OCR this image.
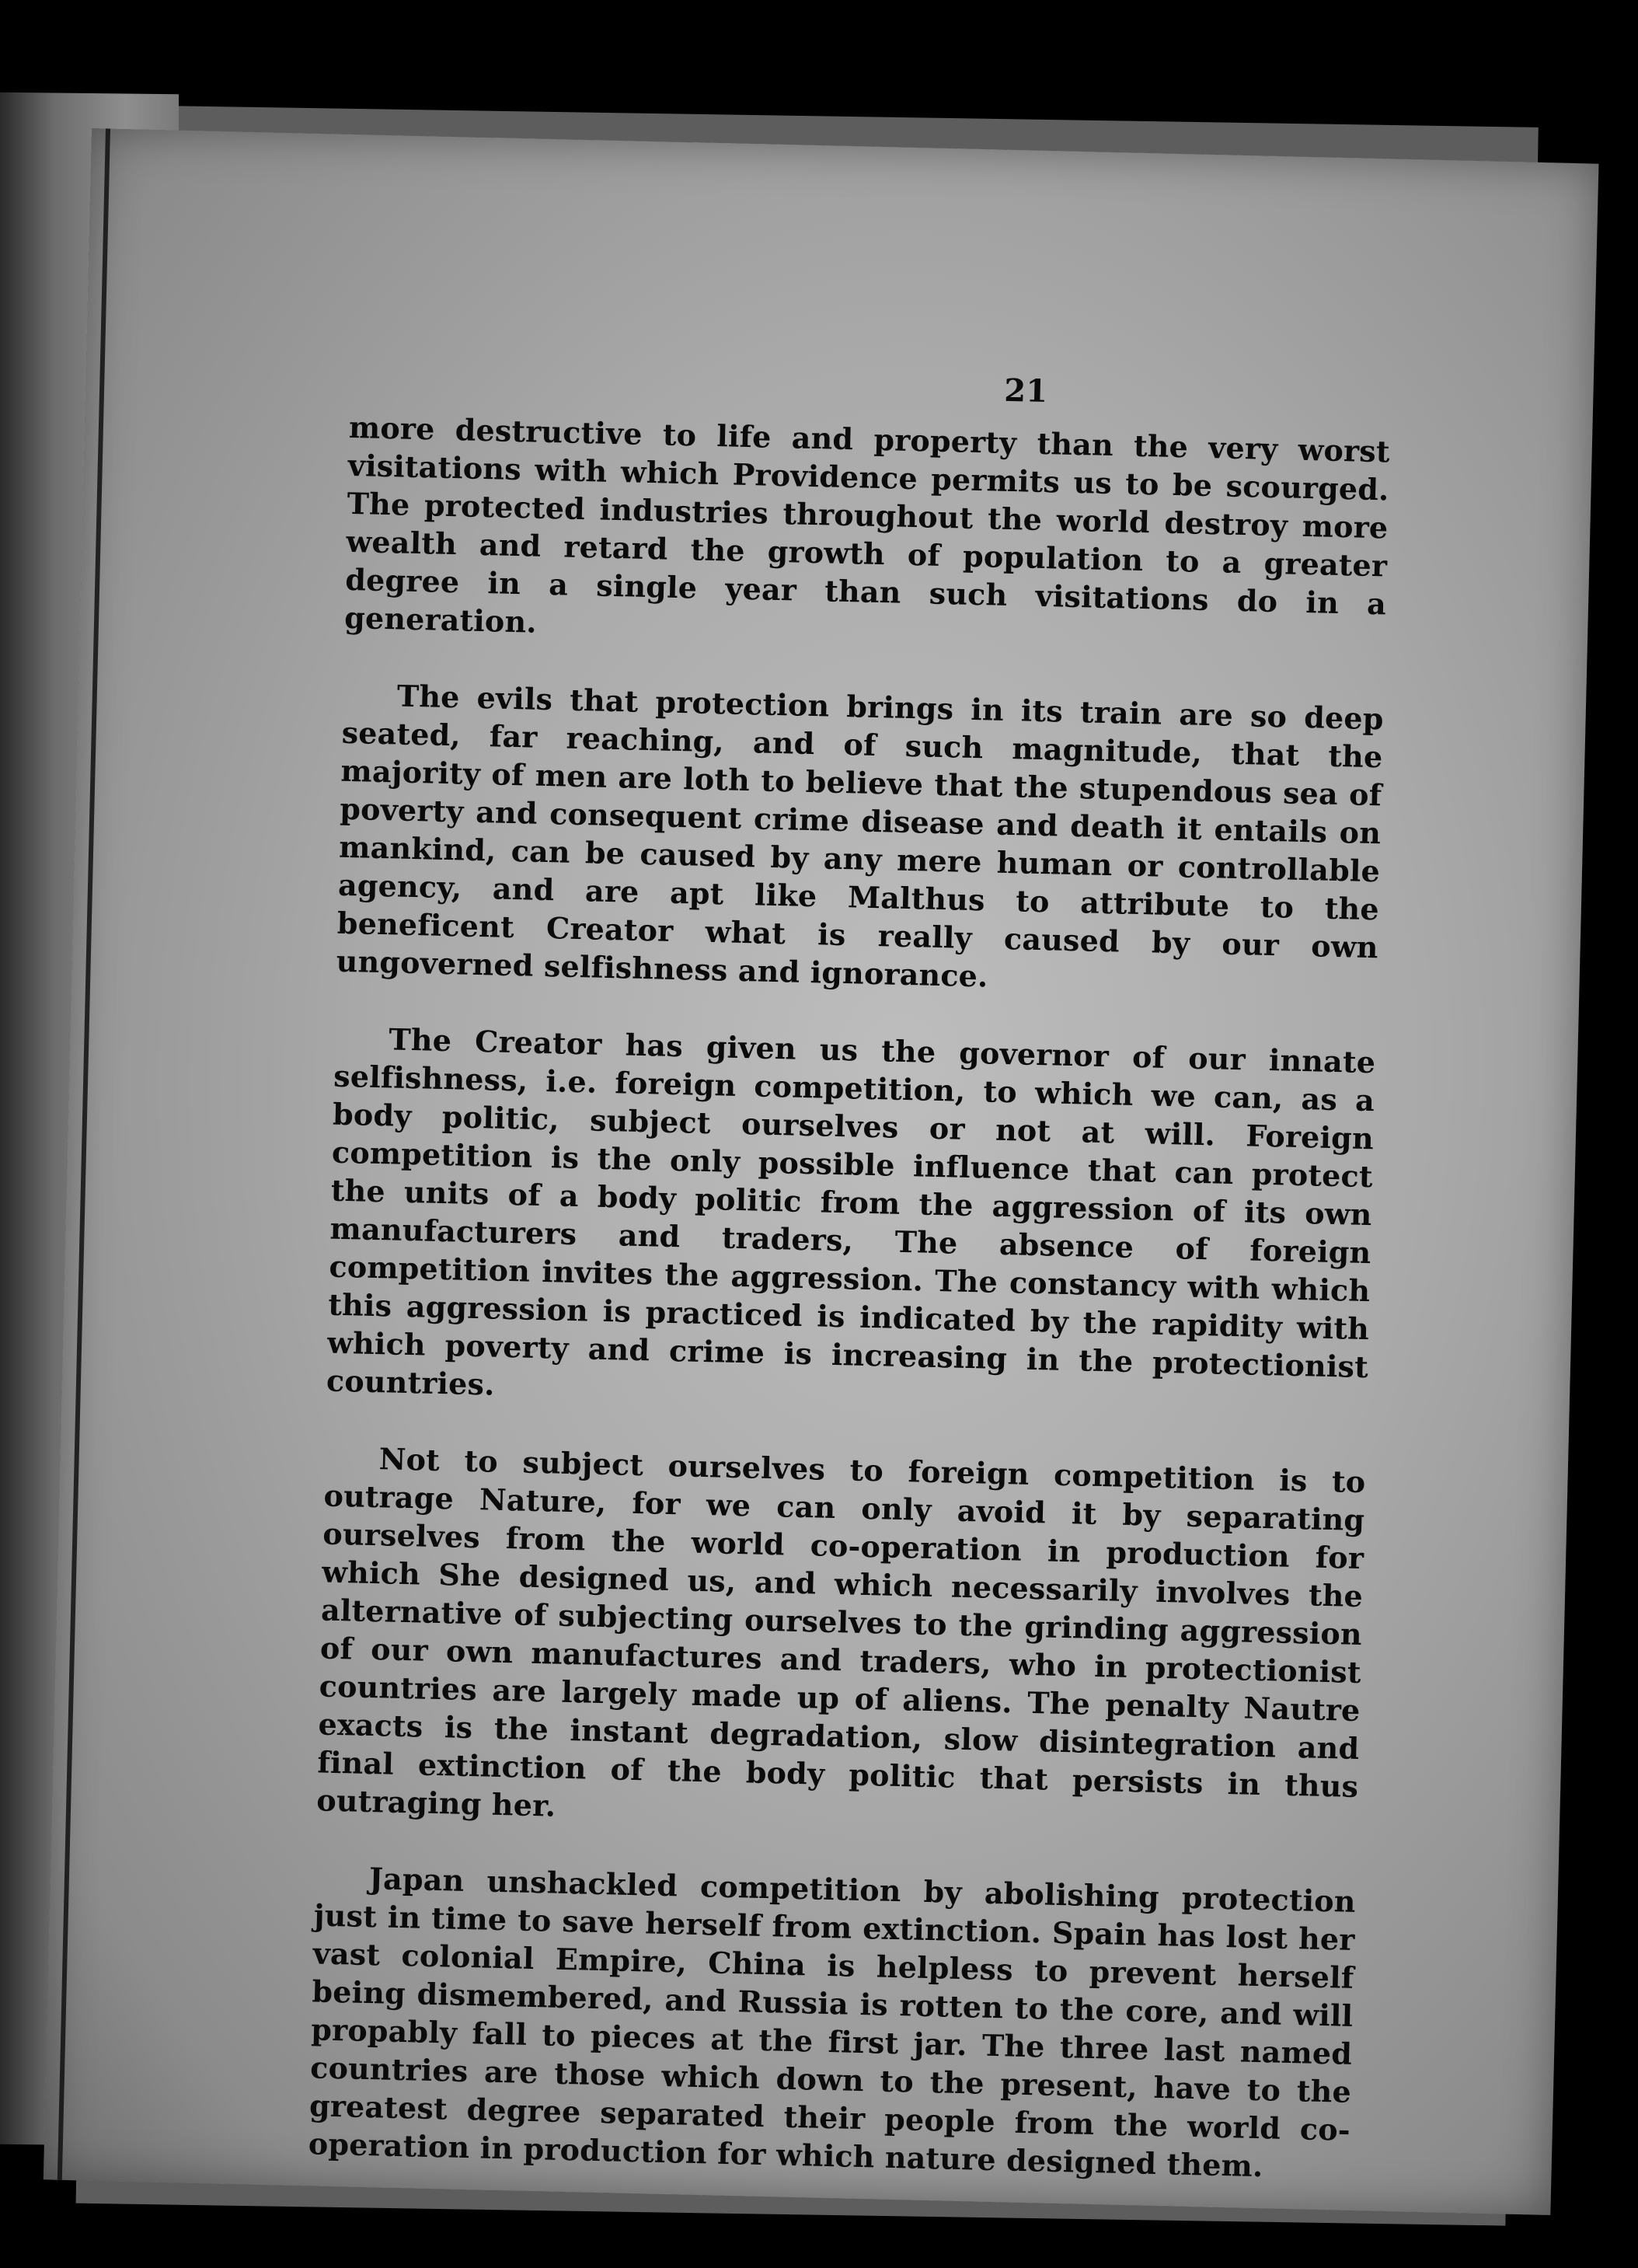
21

more destructive to life and property than the very worst visitations with which Providence permits us to be scourged. The protected industries throughout the world destroy more wealth and retard the growth of population to a greater degree in a single year than such visitations do in a generation.

The evils that protection brings in its train are so deep seated, far reaching, and of such magnitude, that the majority of men are loth to believe that the stupendous sea of poverty and consequent crime disease and death it entails on mankind, can be caused by any mere human or controllable agency, and are apt like Malthus to attribute to the beneficent Creator what is really caused by our own ungoverned selfishness and ignorance.

The Creator has given us the governor of our innate selfishness, i.e. foreign competition, to which we can, as a body politic, subject ourselves or not at will. Foreign competition is the only possible influence that can protect the units of a body politic from the aggression of its own manufacturers and traders, The absence of foreign competition invites the aggression. The constancy with which this aggression is practiced is indicated by the rapidity with which poverty and crime is increasing in the protectionist countries.

Not to subject ourselves to foreign competition is to outrage Nature, for we can only avoid it by separating ourselves from the world co-operation in production for which She designed us, and which necessarily involves the alternative of subjecting ourselves to the grinding aggression of our own manufactures and traders, who in protectionist countries are largely made up of aliens. The penalty Nautre exacts is the instant degradation, slow disintegration and final extinction of the body politic that persists in thus outraging her.

Japan unshackled competition by abolishing protection just in time to save herself from extinction. Spain has lost her vast colonial Empire, China is helpless to prevent herself being dismembered, and Russia is rotten to the core, and will propably fall to pieces at the first jar. The three last named countries are those which down to the present, have to the greatest degree separated their people from the world co-operation in production for which nature designed them.
